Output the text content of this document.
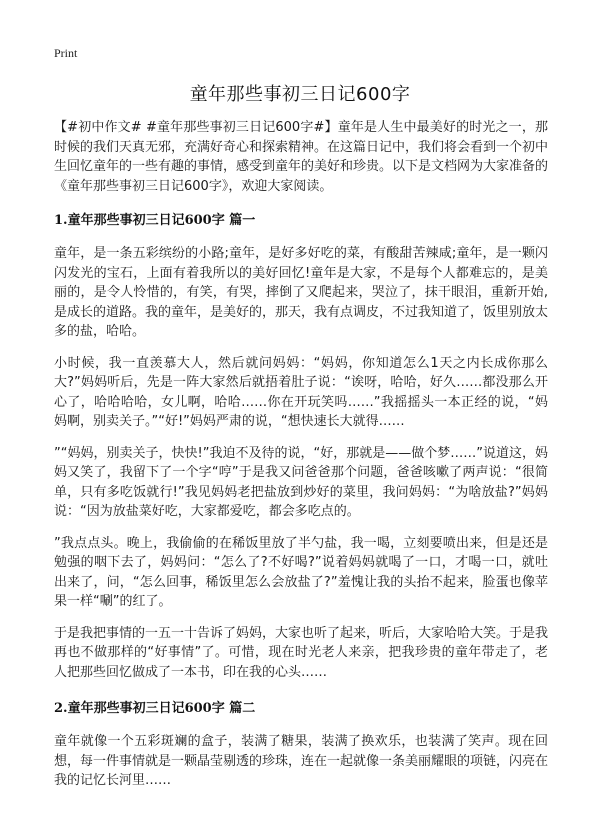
Print
童年那些事初三日记600字

【#初中作文# #童年那些事初三日记600字#】童年是人生中最美好的时光之一，那时候的我们天真无邪，充满好奇心和探索精神。在这篇日记中，我们将会看到一个初中生回忆童年的一些有趣的事情，感受到童年的美好和珍贵。以下是文档网为大家准备的《童年那些事初三日记600字》，欢迎大家阅读。

1.童年那些事初三日记600字 篇一

童年，是一条五彩缤纷的小路;童年，是好多好吃的菜，有酸甜苦辣咸;童年，是一颗闪闪发光的宝石，上面有着我所以的美好回忆!童年是大家，不是每个人都难忘的，是美丽的，是令人怜惜的，有笑，有哭，摔倒了又爬起来，哭泣了，抹干眼泪，重新开始,是成长的道路。我的童年，是美好的，那天，我有点调皮，不过我知道了，饭里别放太多的盐，哈哈。

小时候，我一直羡慕大人，然后就问妈妈：“妈妈，你知道怎么1天之内长成你那么大?”妈妈听后，先是一阵大家然后就捂着肚子说：“诶呀，哈哈，好久……都没那么开心了，哈哈哈哈，女儿啊，哈哈……你在开玩笑吗……”我摇摇头一本正经的说，“妈妈啊，别卖关子。”“好!”妈妈严肃的说，“想快速长大就得……

”“妈妈，别卖关子，快快!”我迫不及待的说，“好，那就是——做个梦……”说道这，妈妈又笑了，我留下了一个字“哼”于是我又问爸爸那个问题，爸爸咳嗽了两声说：“很简单，只有多吃饭就行!”我见妈妈老把盐放到炒好的菜里，我问妈妈：“为啥放盐?”妈妈说：“因为放盐菜好吃，大家都爱吃，都会多吃点的。

”我点点头。晚上，我偷偷的在稀饭里放了半勺盐，我一喝，立刻要喷出来，但是还是勉强的咽下去了，妈妈问：“怎么了?不好喝?”说着妈妈就喝了一口，才喝一口，就吐出来了，问，“怎么回事，稀饭里怎么会放盐了?”羞愧让我的头抬不起来，脸蛋也像苹果一样“唰”的红了。

于是我把事情的一五一十告诉了妈妈，大家也听了起来，听后，大家哈哈大笑。于是我再也不做那样的“好事情”了。可惜，现在时光老人来亲，把我珍贵的童年带走了，老人把那些回忆做成了一本书，印在我的心头……

2.童年那些事初三日记600字 篇二

童年就像一个五彩斑斓的盒子，装满了糖果，装满了换欢乐，也装满了笑声。现在回想，每一件事情就是一颗晶莹剔透的珍珠，连在一起就像一条美丽耀眼的项链，闪亮在我的记忆长河里……
